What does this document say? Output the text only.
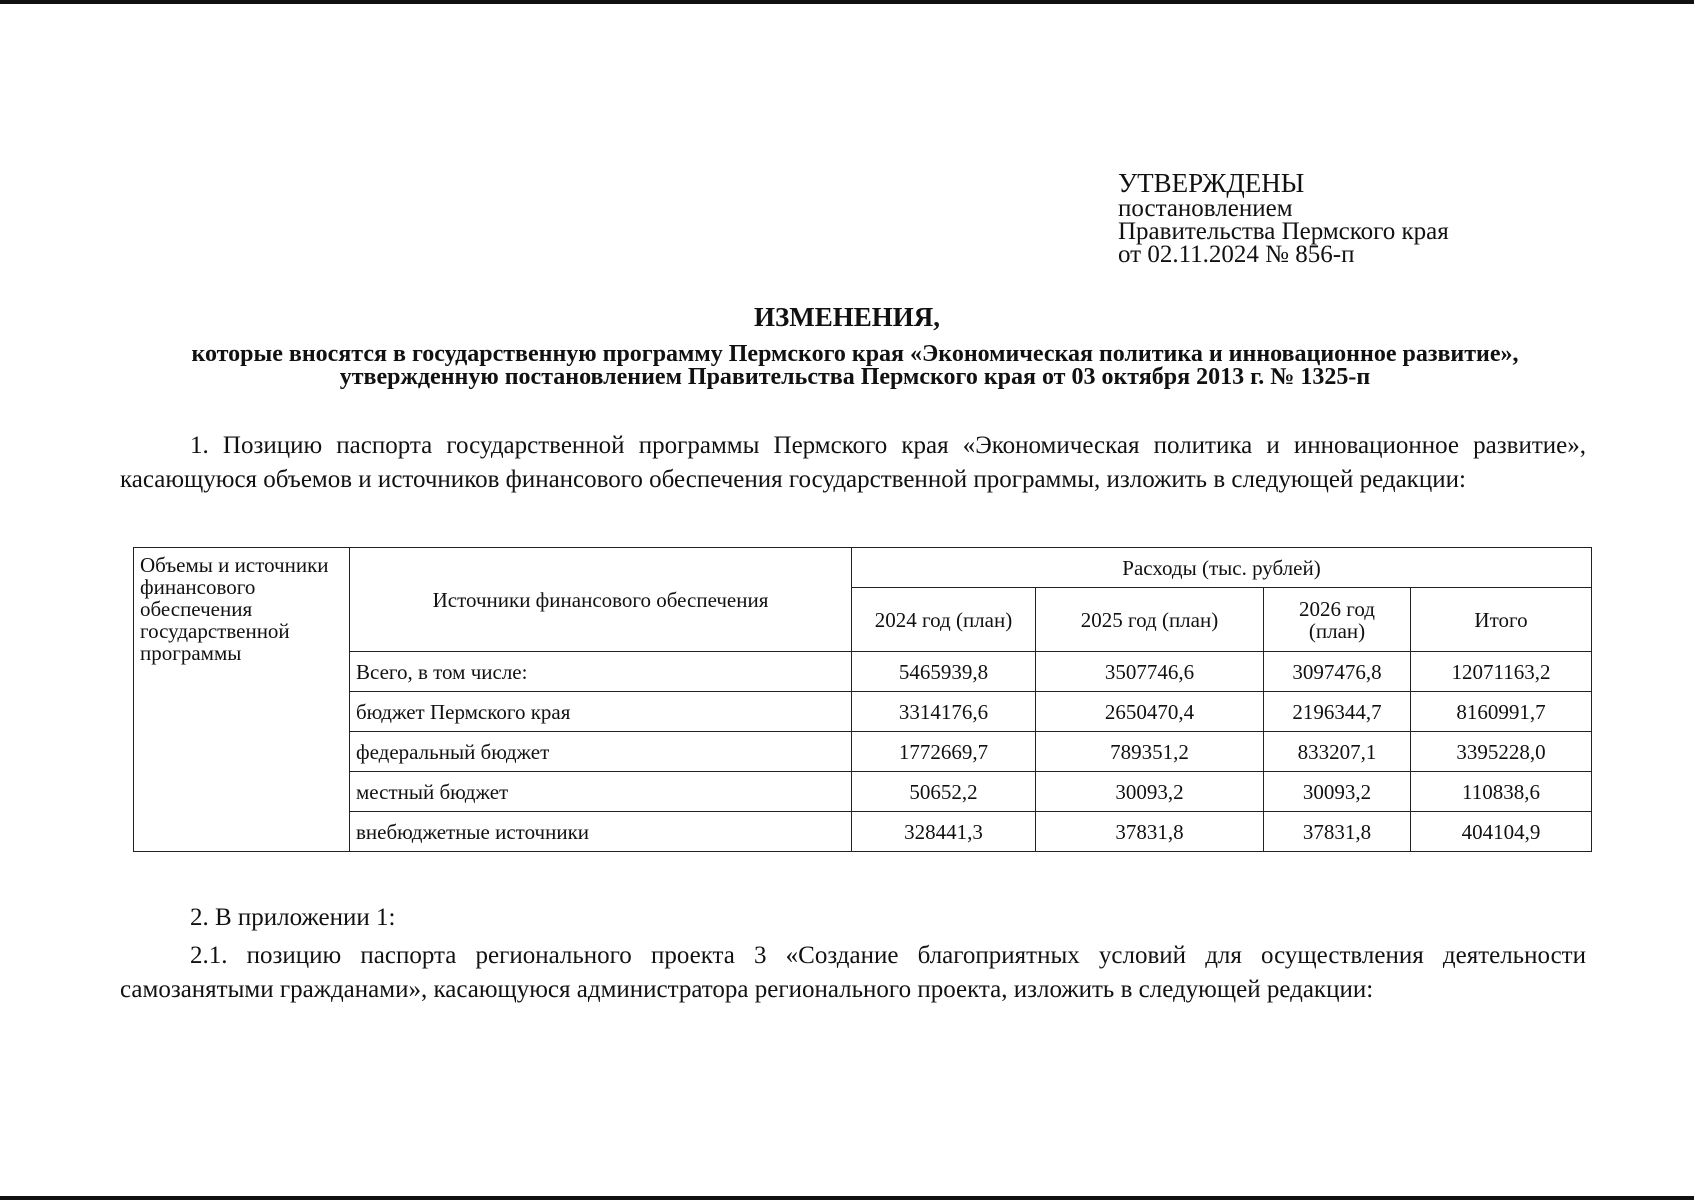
УТВЕРЖДЕНЫ
постановлением
Правительства Пермского края
от 02.11.2024 № 856-п
ИЗМЕНЕНИЯ,
которые вносятся в государственную программу Пермского края «Экономическая политика и инновационное развитие», утвержденную постановлением Правительства Пермского края от 03 октября 2013 г. № 1325-п
1. Позицию паспорта государственной программы Пермского края «Экономическая политика и инновационное развитие», касающуюся объемов и источников финансового обеспечения государственной программы, изложить в следующей редакции:
Объемы и источники финансового обеспечения государственной программы	Источники финансового обеспечения	Расходы (тыс. рублей)			
		2024 год (план)	2025 год (план)	2026 год (план)	Итого
	Всего, в том числе:	5465939,8	3507746,6	3097476,8	12071163,2
	бюджет Пермского края	3314176,6	2650470,4	2196344,7	8160991,7
	федеральный бюджет	1772669,7	789351,2	833207,1	3395228,0
	местный бюджет	50652,2	30093,2	30093,2	110838,6
	внебюджетные источники	328441,3	37831,8	37831,8	404104,9
2. В приложении 1:
2.1. позицию паспорта регионального проекта 3 «Создание благоприятных условий для осуществления деятельности самозанятыми гражданами», касающуюся администратора регионального проекта, изложить в следующей редакции:
